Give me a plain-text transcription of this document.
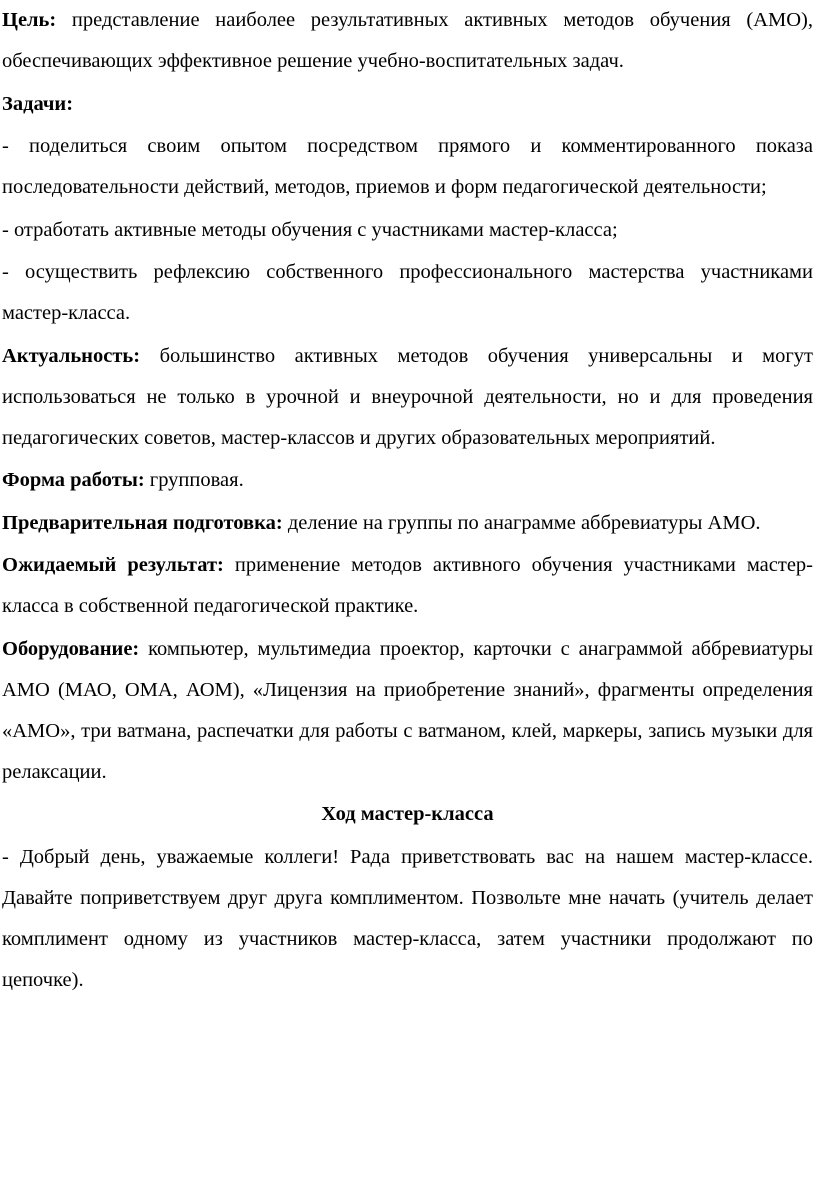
Цель: представление наиболее результативных активных методов обучения (АМО), обеспечивающих эффективное решение учебно-воспитательных задач.

Задачи:

- поделиться своим опытом посредством прямого и комментированного показа последовательности действий, методов, приемов и форм педагогической деятельности;

- отработать активные методы обучения с участниками мастер-класса;

- осуществить рефлексию собственного профессионального мастерства участниками мастер-класса.

Актуальность: большинство активных методов обучения универсальны и могут использоваться не только в урочной и внеурочной деятельности, но и для проведения педагогических советов, мастер-классов и других образовательных мероприятий.

Форма работы: групповая.

Предварительная подготовка: деление на группы по анаграмме аббревиатуры АМО.

Ожидаемый результат: применение методов активного обучения участниками мастер-класса в собственной педагогической практике.

Оборудование: компьютер, мультимедиа проектор, карточки с анаграммой аббревиатуры АМО (МАО, ОМА, АОМ), «Лицензия на приобретение знаний», фрагменты определения «АМО», три ватмана, распечатки для работы с ватманом, клей, маркеры, запись музыки для релаксации.

Ход мастер-класса

- Добрый день, уважаемые коллеги! Рада приветствовать вас на нашем мастер-классе. Давайте поприветствуем друг друга комплиментом. Позвольте мне начать (учитель делает комплимент одному из участников мастер-класса, затем участники продолжают по цепочке).
